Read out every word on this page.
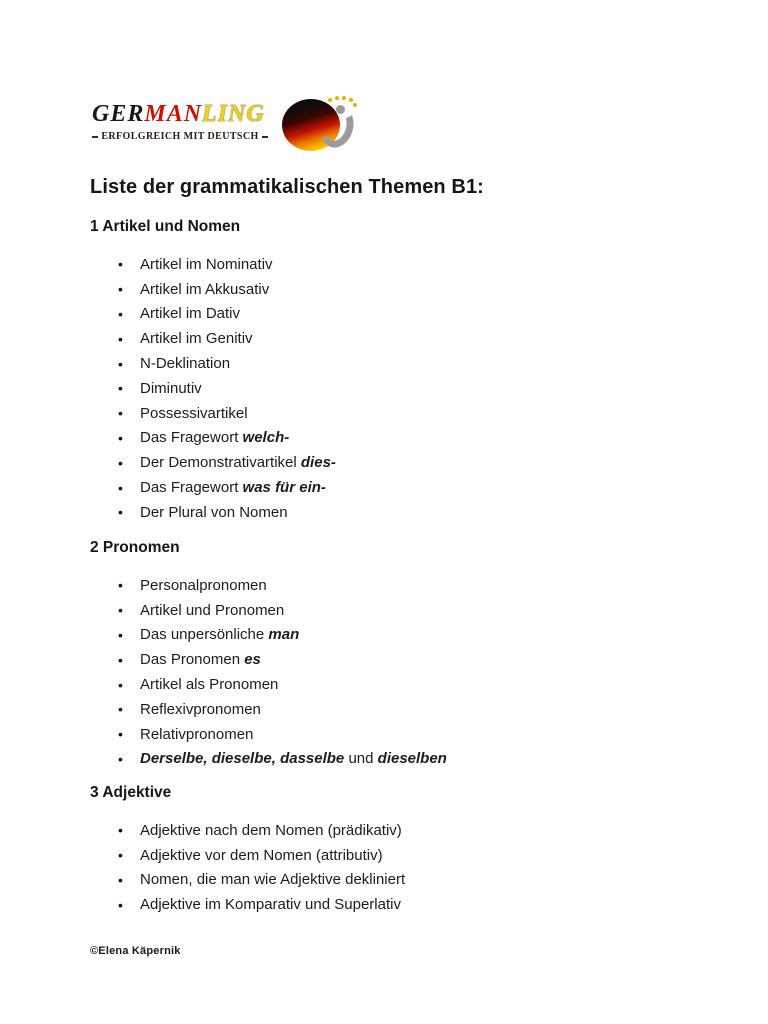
GERMANLING
ERFOLGREICH MIT DEUTSCH
Liste der grammatikalischen Themen B1:
1 Artikel und Nomen
•	Artikel im Nominativ
•	Artikel im Akkusativ
•	Artikel im Dativ
•	Artikel im Genitiv
•	N-Deklination
•	Diminutiv
•	Possessivartikel
•	Das Fragewort welch-
•	Der Demonstrativartikel dies-
•	Das Fragewort was für ein-
•	Der Plural von Nomen
2 Pronomen
•	Personalpronomen
•	Artikel und Pronomen
•	Das unpersönliche man
•	Das Pronomen es
•	Artikel als Pronomen
•	Reflexivpronomen
•	Relativpronomen
•	Derselbe, dieselbe, dasselbe und dieselben
3 Adjektive
•	Adjektive nach dem Nomen (prädikativ)
•	Adjektive vor dem Nomen (attributiv)
•	Nomen, die man wie Adjektive dekliniert
•	Adjektive im Komparativ und Superlativ
©Elena Käpernik
